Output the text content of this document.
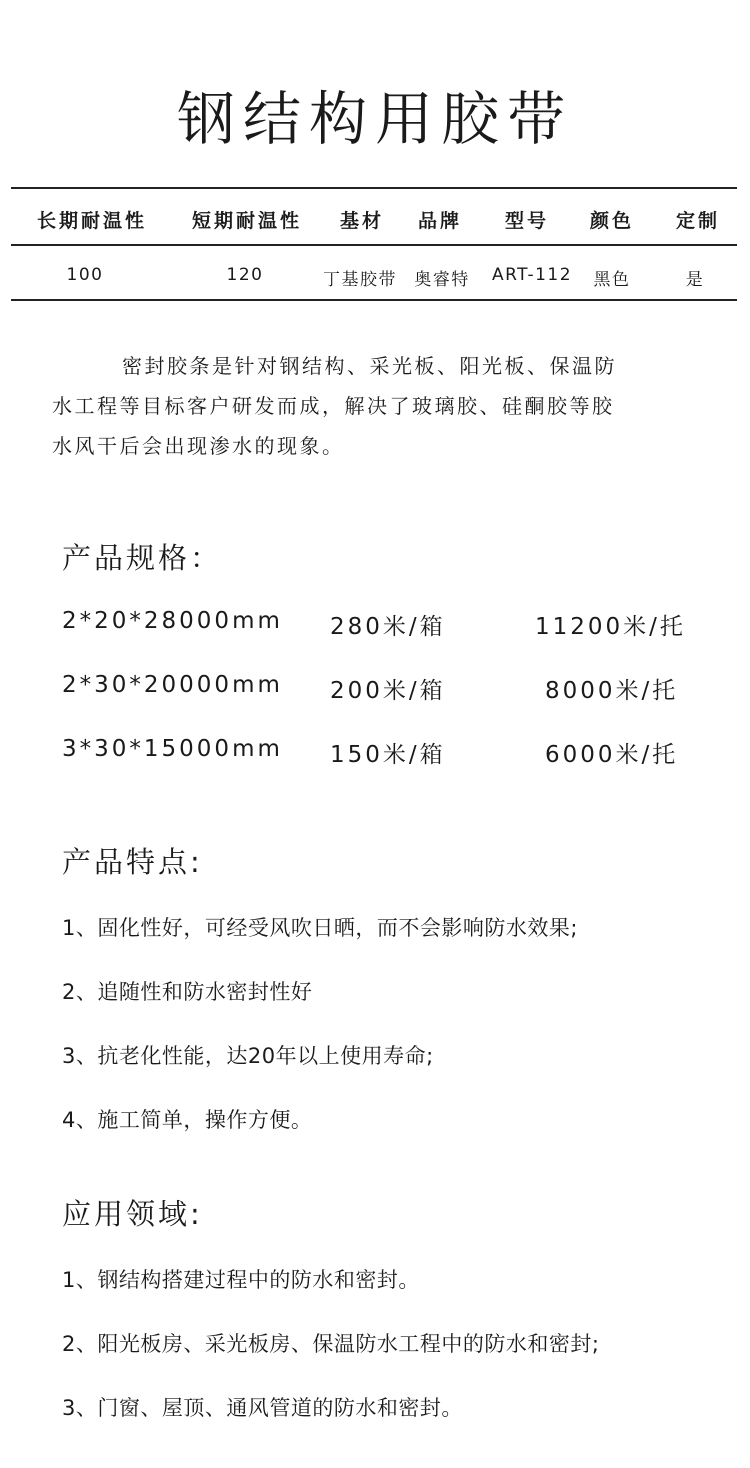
钢结构用胶带
长期耐温性 短期耐温性 基材 品牌 型号 颜色 定制
100	120	丁基胶带 奥睿特 ART-112 黑色	是
密封胶条是针对钢结构、采光板、阳光板、保温防
水工程等目标客户研发而成，解决了玻璃胶、硅酮胶等胶
水风干后会出现渗水的现象。
产品规格：
2*20*28000mm 280米/箱	11200米/托
2*30*20000mm 200米/箱	8000米/托
3*30*15000mm 150米/箱	6000米/托
产品特点:
1、固化性好，可经受风吹日晒，而不会影响防水效果;
2、追随性和防水密封性好
3、抗老化性能，达20年以上使用寿命;
4、施工简单，操作方便。
应用领域:
1、钢结构搭建过程中的防水和密封。
2、阳光板房、采光板房、保温防水工程中的防水和密封;
3、门窗、屋顶、通风管道的防水和密封。
